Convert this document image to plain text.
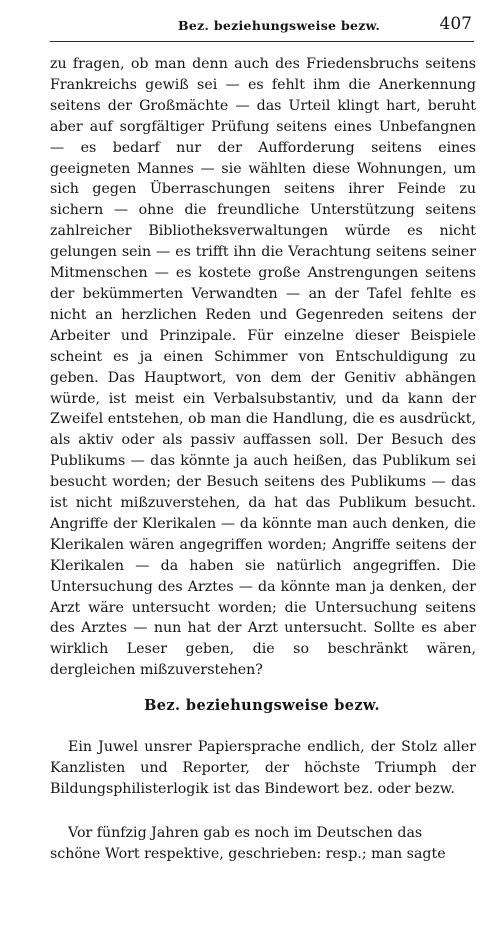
Bez. beziehungsweise bezw.	407

zu fragen, ob man denn auch des Friedensbruchs seitens Frankreichs gewiß sei — es fehlt ihm die Anerkennung seitens der Großmächte — das Urteil klingt hart, beruht aber auf sorgfältiger Prüfung seitens eines Unbefangnen — es bedarf nur der Aufforderung seitens eines geeigneten Mannes — sie wählten diese Wohnungen, um sich gegen Überraschungen seitens ihrer Feinde zu sichern — ohne die freundliche Unterstützung seitens zahlreicher Bibliotheksverwaltungen würde es nicht gelungen sein — es trifft ihn die Verachtung seitens seiner Mitmenschen — es kostete große Anstrengungen seitens der bekümmerten Verwandten — an der Tafel fehlte es nicht an herzlichen Reden und Gegenreden seitens der Arbeiter und Prinzipale. Für einzelne dieser Beispiele scheint es ja einen Schimmer von Entschuldigung zu geben. Das Hauptwort, von dem der Genitiv abhängen würde, ist meist ein Verbalsubstantiv, und da kann der Zweifel entstehen, ob man die Handlung, die es ausdrückt, als aktiv oder als passiv auffassen soll. Der Besuch des Publikums — das könnte ja auch heißen, das Publikum sei besucht worden; der Besuch seitens des Publikums — das ist nicht mißzuverstehen, da hat das Publikum besucht. Angriffe der Klerikalen — da könnte man auch denken, die Klerikalen wären angegriffen worden; Angriffe seitens der Klerikalen — da haben sie natürlich angegriffen. Die Untersuchung des Arztes — da könnte man ja denken, der Arzt wäre untersucht worden; die Untersuchung seitens des Arztes — nun hat der Arzt untersucht. Sollte es aber wirklich Leser geben, die so beschränkt wären, dergleichen mißzuverstehen?

Bez. beziehungsweise bezw.

Ein Juwel unsrer Papiersprache endlich, der Stolz aller Kanzlisten und Reporter, der höchste Triumph der Bildungsphilisterlogik ist das Bindewort bez. oder bezw.

Vor fünfzig Jahren gab es noch im Deutschen das
schöne Wort respektive, geschrieben: resp.; man sagte
